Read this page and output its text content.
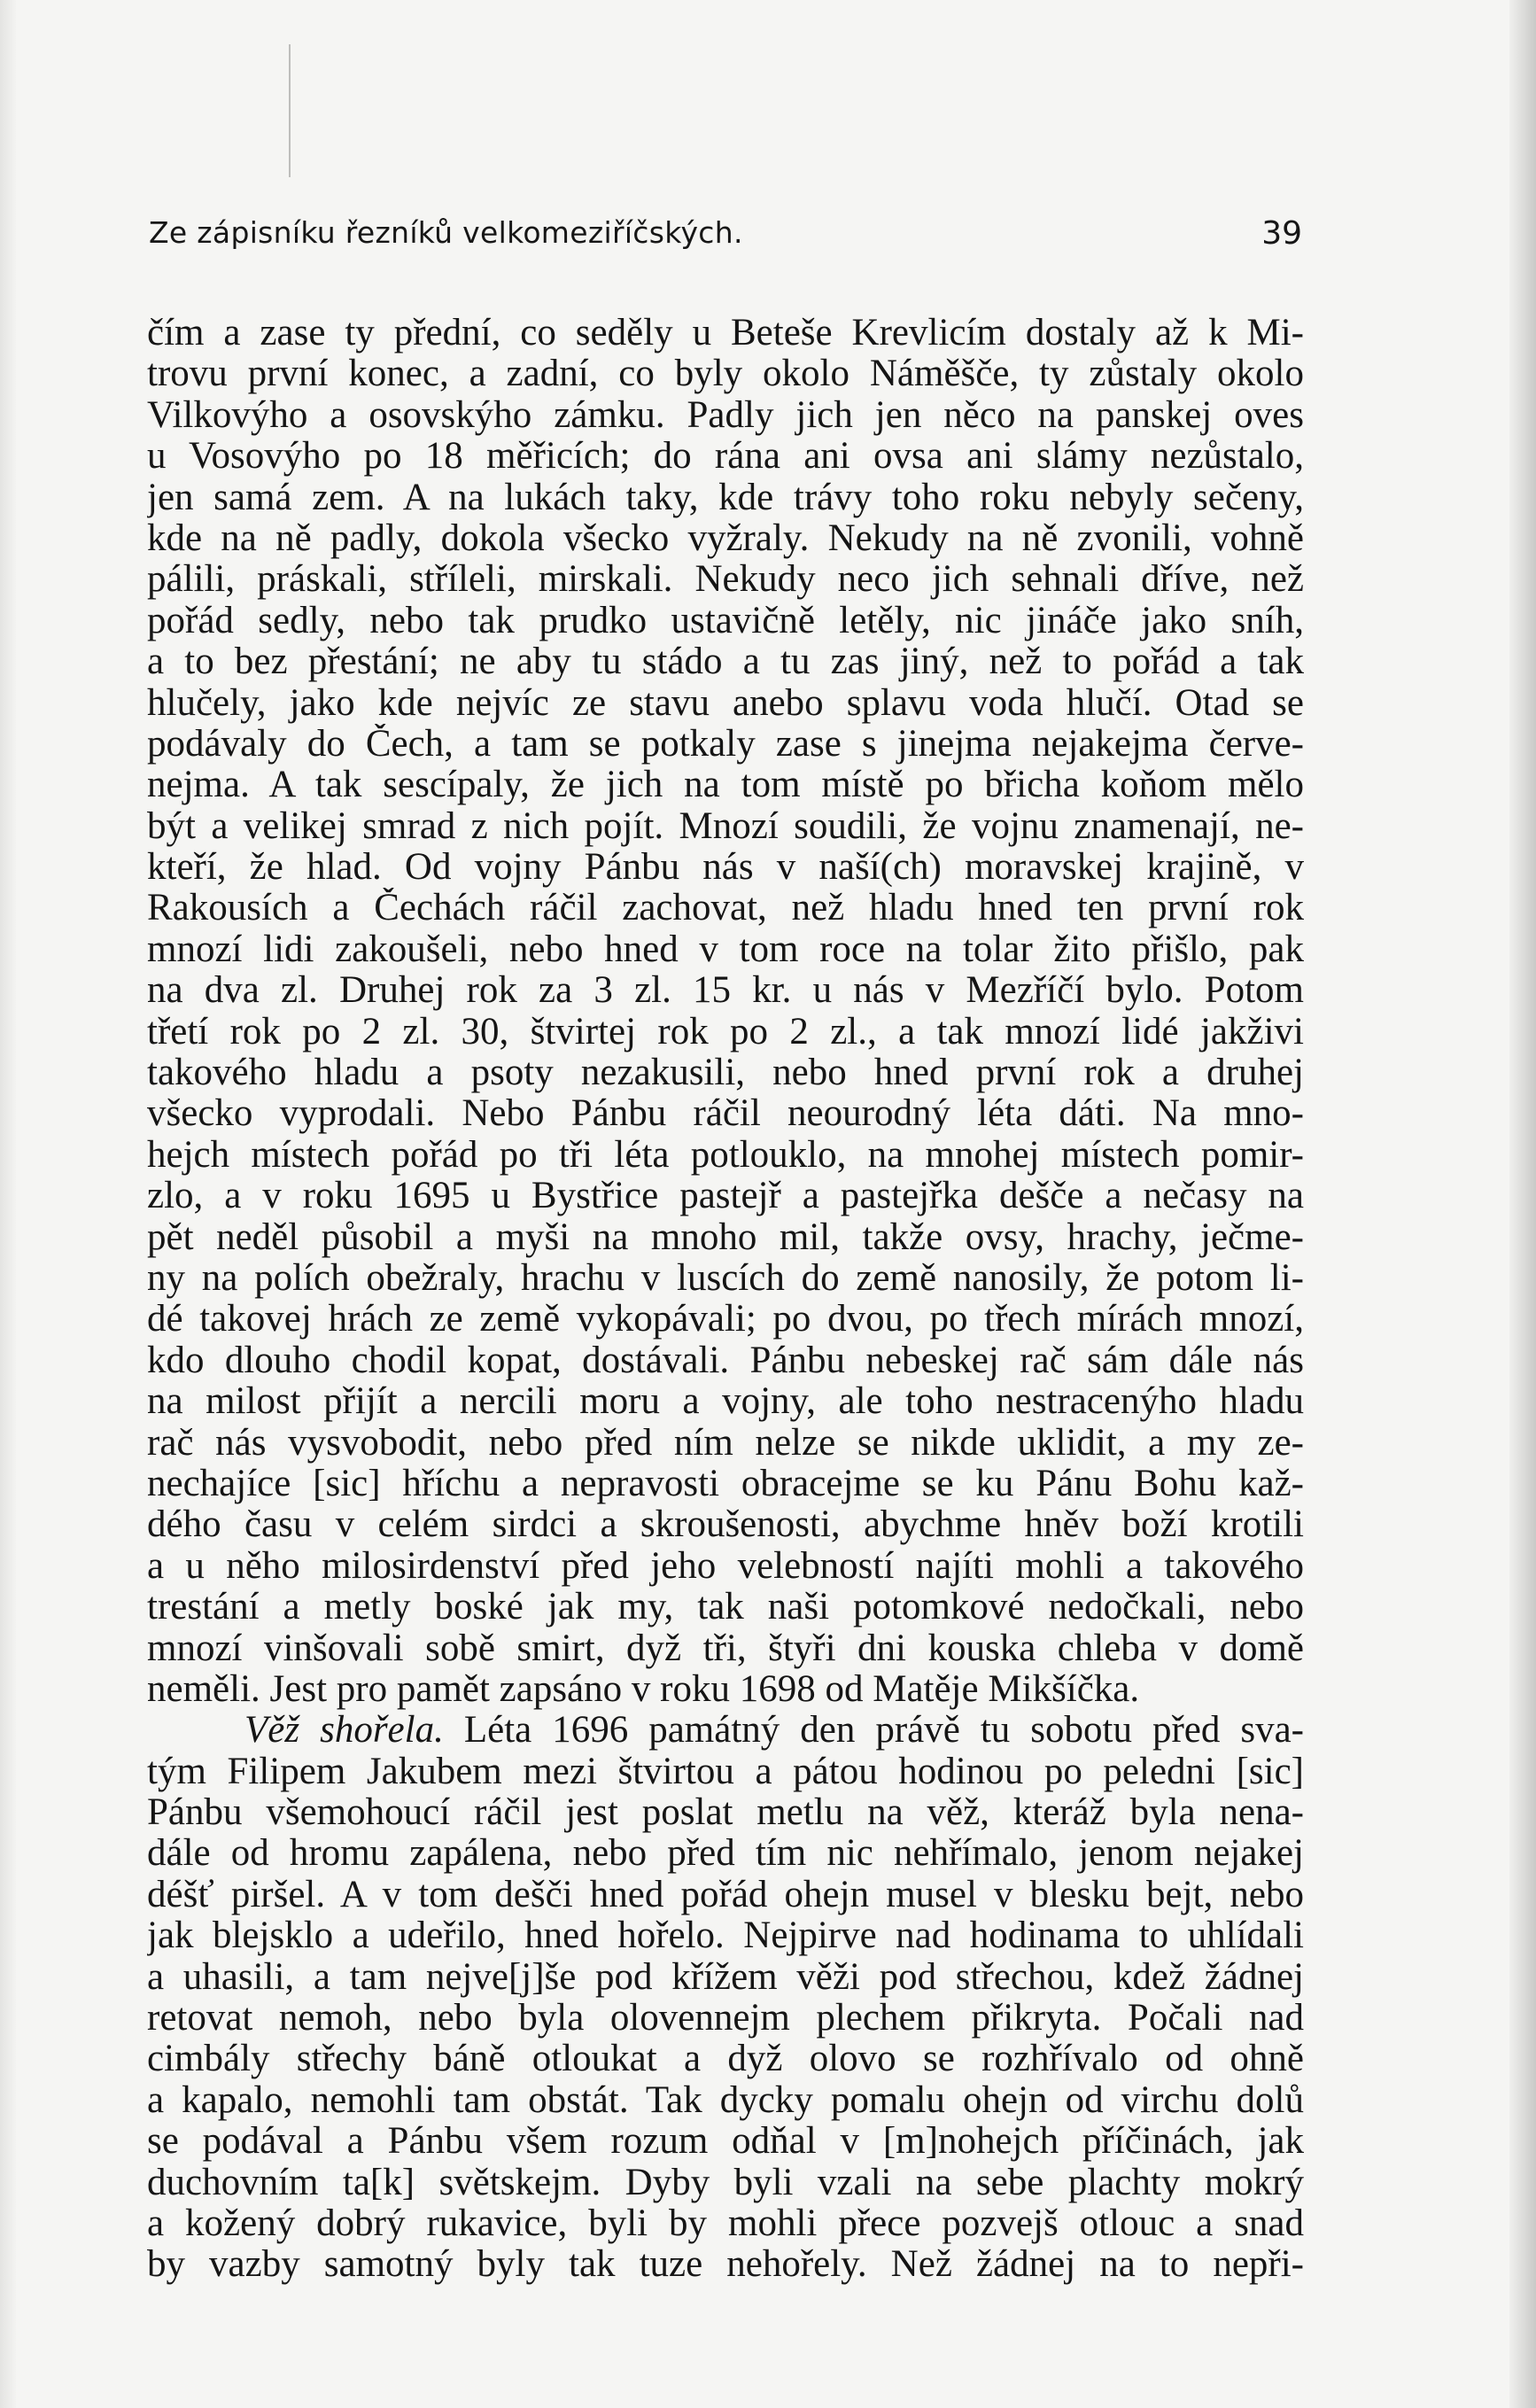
Ze zápisníku řezníků velkomeziříčských.	39
čím a zase ty přední, co seděly u Beteše Krevlicím dostaly až k Mi-
trovu první konec, a zadní, co byly okolo Náměšče, ty zůstaly okolo
Vilkovýho a osovskýho zámku. Padly jich jen něco na panskej oves
u Vosovýho po 18 měřicích; do rána ani ovsa ani slámy nezůstalo,
jen samá zem. A na lukách taky, kde trávy toho roku nebyly sečeny,
kde na ně padly, dokola všecko vyžraly. Nekudy na ně zvonili, vohně
pálili, práskali, stříleli, mirskali. Nekudy neco jich sehnali dříve, než
pořád sedly, nebo tak prudko ustavičně letěly, nic jináče jako sníh,
a to bez přestání; ne aby tu stádo a tu zas jiný, než to pořád a tak
hlučely, jako kde nejvíc ze stavu anebo splavu voda hlučí. Otad se
podávaly do Čech, a tam se potkaly zase s jinejma nejakejma červe-
nejma. A tak sescípaly, že jich na tom místě po břicha koňom mělo
být a velikej smrad z nich pojít. Mnozí soudili, že vojnu znamenají, ne-
kteří, že hlad. Od vojny Pánbu nás v naší(ch) moravskej krajině, v
Rakousích a Čechách ráčil zachovat, než hladu hned ten první rok
mnozí lidi zakoušeli, nebo hned v tom roce na tolar žito přišlo, pak
na dva zl. Druhej rok za 3 zl. 15 kr. u nás v Mezříčí bylo. Potom
třetí rok po 2 zl. 30, štvirtej rok po 2 zl., a tak mnozí lidé jakživi
takového hladu a psoty nezakusili, nebo hned první rok a druhej
všecko vyprodali. Nebo Pánbu ráčil neourodný léta dáti. Na mno-
hejch místech pořád po tři léta potlouklo, na mnohej místech pomir-
zlo, a v roku 1695 u Bystřice pastejř a pastejřka dešče a nečasy na
pět neděl působil a myši na mnoho mil, takže ovsy, hrachy, ječme-
ny na polích obežraly, hrachu v luscích do země nanosily, že potom li-
dé takovej hrách ze země vykopávali; po dvou, po třech mírách mnozí,
kdo dlouho chodil kopat, dostávali. Pánbu nebeskej rač sám dále nás
na milost přijít a nercili moru a vojny, ale toho nestracenýho hladu
rač nás vysvobodit, nebo před ním nelze se nikde uklidit, a my ze-
nechajíce [sic] hříchu a nepravosti obracejme se ku Pánu Bohu kaž-
dého času v celém sirdci a skroušenosti, abychme hněv boží krotili
a u něho milosirdenství před jeho velebností najíti mohli a takového
trestání a metly boské jak my, tak naši potomkové nedočkali, nebo
mnozí vinšovali sobě smirt, dyž tři, štyři dni kouska chleba v domě
neměli. Jest pro pamět zapsáno v roku 1698 od Matěje Mikšíčka.
Věž shořela. Léta 1696 památný den právě tu sobotu před sva-
tým Filipem Jakubem mezi štvirtou a pátou hodinou po peledni [sic]
Pánbu všemohoucí ráčil jest poslat metlu na věž, kteráž byla nena-
dále od hromu zapálena, nebo před tím nic nehřímalo, jenom nejakej
déšť piršel. A v tom dešči hned pořád ohejn musel v blesku bejt, nebo
jak blejsklo a udeřilo, hned hořelo. Nejpirve nad hodinama to uhlídali
a uhasili, a tam nejve[j]še pod křížem věži pod střechou, kdež žádnej
retovat nemoh, nebo byla olovennejm plechem přikryta. Počali nad
cimbály střechy báně otloukat a dyž olovo se rozhřívalo od ohně
a kapalo, nemohli tam obstát. Tak dycky pomalu ohejn od virchu dolů
se podával a Pánbu všem rozum odňal v [m]nohejch příčinách, jak
duchovním ta[k] světskejm. Dyby byli vzali na sebe plachty mokrý
a kožený dobrý rukavice, byli by mohli přece pozvejš otlouc a snad
by vazby samotný byly tak tuze nehořely. Než žádnej na to nepři-
